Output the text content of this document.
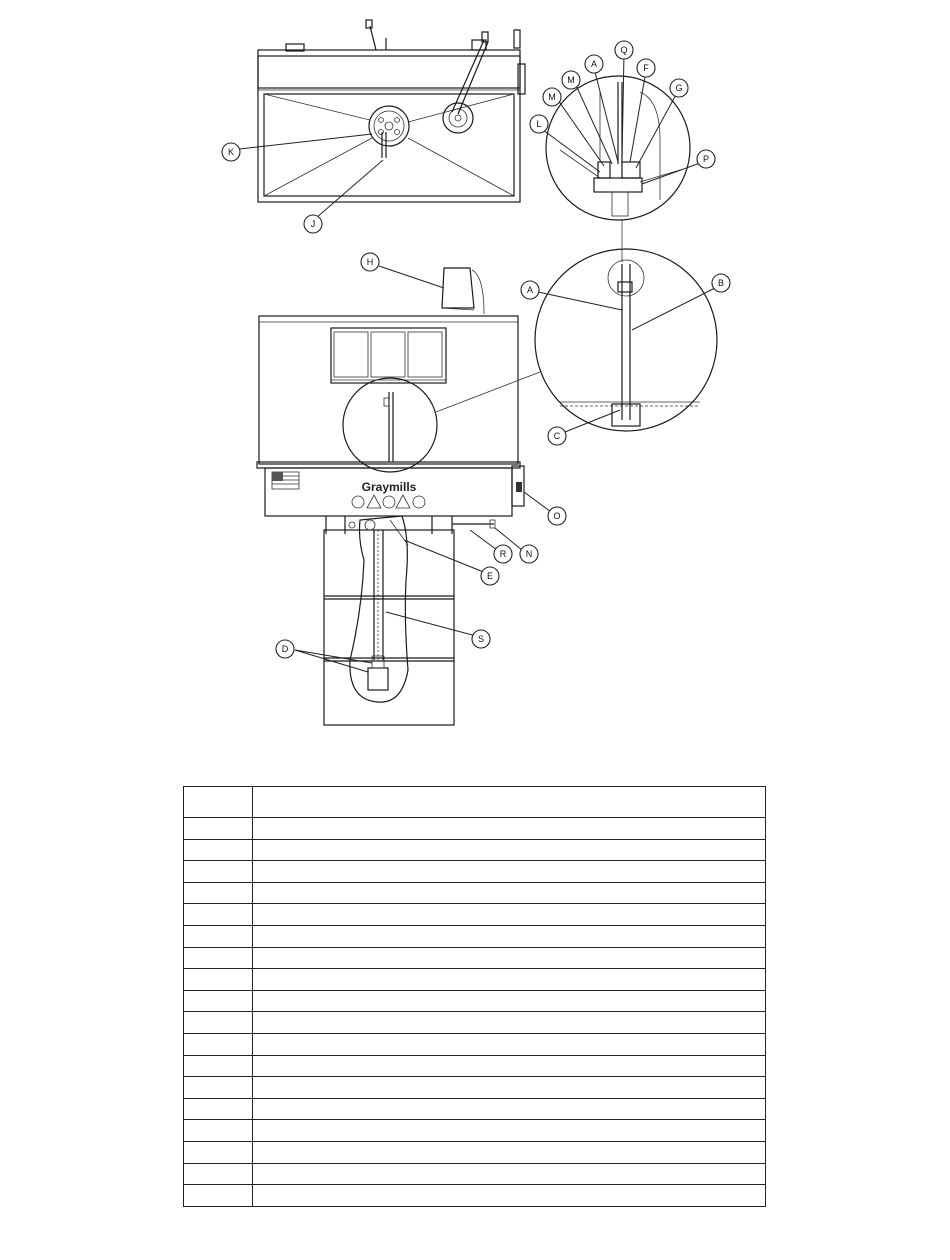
Graymills
A
Q
F
M
G
M
L
K
P
J
H
B
A
C
O
R N
E
S
D
